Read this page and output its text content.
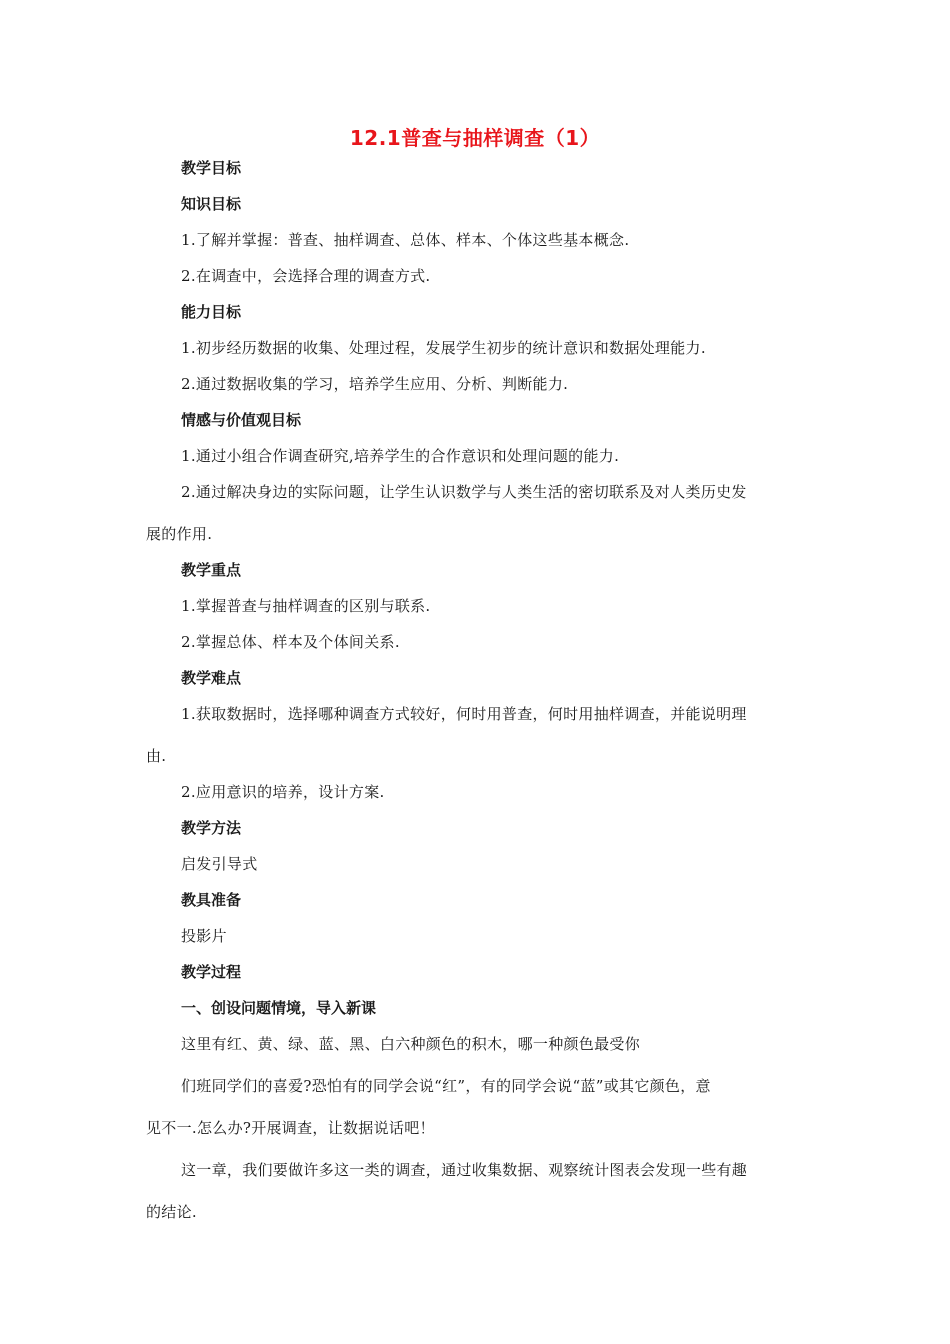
12.1普查与抽样调查（1）
教学目标
知识目标
1.了解并掌握：普查、抽样调查、总体、样本、个体这些基本概念.
2.在调查中，会选择合理的调查方式.
能力目标
1.初步经历数据的收集、处理过程，发展学生初步的统计意识和数据处理能力.
2.通过数据收集的学习，培养学生应用、分析、判断能力.
情感与价值观目标
1.通过小组合作调查研究,培养学生的合作意识和处理问题的能力.
2.通过解决身边的实际问题，让学生认识数学与人类生活的密切联系及对人类历史发
展的作用.
教学重点
1.掌握普查与抽样调查的区别与联系.
2.掌握总体、样本及个体间关系.
教学难点
1.获取数据时，选择哪种调查方式较好，何时用普查，何时用抽样调查，并能说明理
由.
2.应用意识的培养，设计方案.
教学方法
启发引导式
教具准备
投影片
教学过程
一、创设问题情境，导入新课
这里有红、黄、绿、蓝、黑、白六种颜色的积木，哪一种颜色最受你
们班同学们的喜爱?恐怕有的同学会说“红”，有的同学会说“蓝”或其它颜色，意
见不一.怎么办?开展调查，让数据说话吧！
这一章，我们要做许多这一类的调查，通过收集数据、观察统计图表会发现一些有趣
的结论.
